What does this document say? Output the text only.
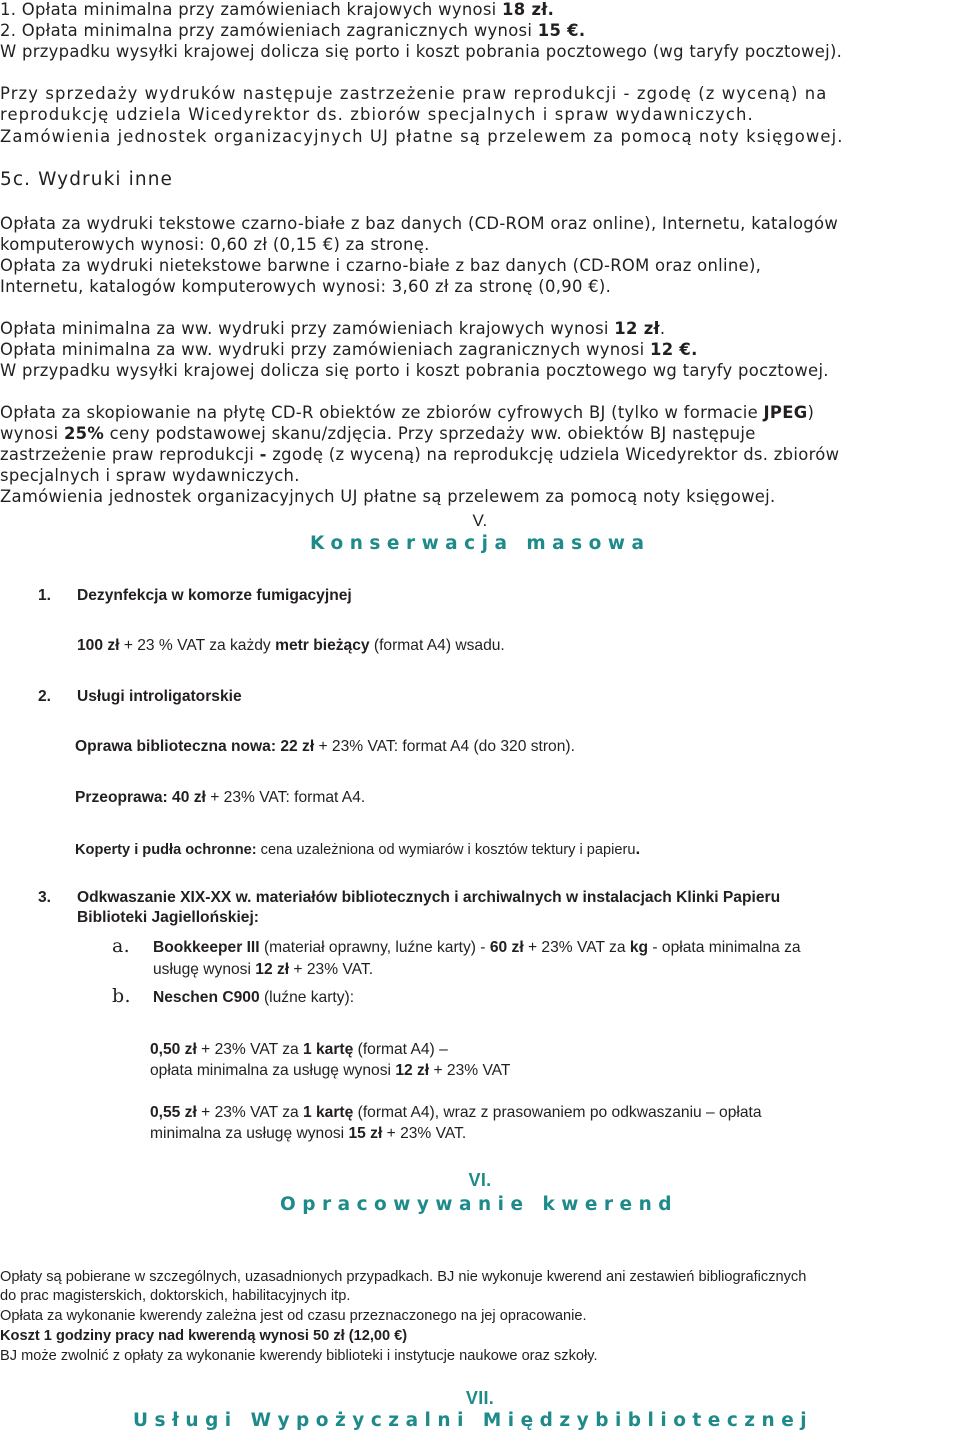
1. Opłata minimalna przy zamówieniach krajowych wynosi 18 zł.
2. Opłata minimalna przy zamówieniach zagranicznych wynosi 15 €.
W przypadku wysyłki krajowej dolicza się porto i koszt pobrania pocztowego (wg taryfy pocztowej).
Przy sprzedaży wydruków następuje zastrzeżenie praw reprodukcji - zgodę (z wyceną) na
reprodukcję udziela Wicedyrektor ds. zbiorów specjalnych i spraw wydawniczych.
Zamówienia jednostek organizacyjnych UJ płatne są przelewem za pomocą noty księgowej.
5c. Wydruki inne
Opłata za wydruki tekstowe czarno-białe z baz danych (CD-ROM oraz online), Internetu, katalogów
komputerowych wynosi: 0,60 zł (0,15 €) za stronę.
Opłata za wydruki nietekstowe barwne i czarno-białe z baz danych (CD-ROM oraz online),
Internetu, katalogów komputerowych wynosi: 3,60 zł za stronę (0,90 €).
Opłata minimalna za ww. wydruki przy zamówieniach krajowych wynosi 12 zł.
Opłata minimalna za ww. wydruki przy zamówieniach zagranicznych wynosi 12 €.
W przypadku wysyłki krajowej dolicza się porto i koszt pobrania pocztowego wg taryfy pocztowej.
Opłata za skopiowanie na płytę CD-R obiektów ze zbiorów cyfrowych BJ (tylko w formacie JPEG)
wynosi 25% ceny podstawowej skanu/zdjęcia. Przy sprzedaży ww. obiektów BJ następuje
zastrzeżenie praw reprodukcji - zgodę (z wyceną) na reprodukcję udziela Wicedyrektor ds. zbiorów
specjalnych i spraw wydawniczych.
Zamówienia jednostek organizacyjnych UJ płatne są przelewem za pomocą noty księgowej.
V.
Konserwacja masowa
1. Dezynfekcja w komorze fumigacyjnej
100 zł + 23 % VAT za każdy metr bieżący (format A4) wsadu.
2. Usługi introligatorskie
Oprawa biblioteczna nowa: 22 zł + 23% VAT: format A4 (do 320 stron).
Przeoprawa: 40 zł + 23% VAT: format A4.
Koperty i pudła ochronne: cena uzależniona od wymiarów i kosztów tektury i papieru.
3. Odkwaszanie XIX-XX w. materiałów bibliotecznych i archiwalnych w instalacjach Klinki Papieru
Biblioteki Jagiellońskiej:
a. Bookkeeper III (materiał oprawny, luźne karty) - 60 zł + 23% VAT za kg - opłata minimalna za
usługę wynosi 12 zł + 23% VAT.
b. Neschen C900 (luźne karty):
0,50 zł + 23% VAT za 1 kartę (format A4) –
opłata minimalna za usługę wynosi 12 zł + 23% VAT
0,55 zł + 23% VAT za 1 kartę (format A4), wraz z prasowaniem po odkwaszaniu – opłata
minimalna za usługę wynosi 15 zł + 23% VAT.
VI.
Opracowywanie kwerend
Opłaty są pobierane w szczególnych, uzasadnionych przypadkach. BJ nie wykonuje kwerend ani zestawień bibliograficznych
do prac magisterskich, doktorskich, habilitacyjnych itp.
Opłata za wykonanie kwerendy zależna jest od czasu przeznaczonego na jej opracowanie.
Koszt 1 godziny pracy nad kwerendą wynosi 50 zł (12,00 €)
BJ może zwolnić z opłaty za wykonanie kwerendy biblioteki i instytucje naukowe oraz szkoły.
VII.
Usługi Wypożyczalni Międzybibliotecznej
